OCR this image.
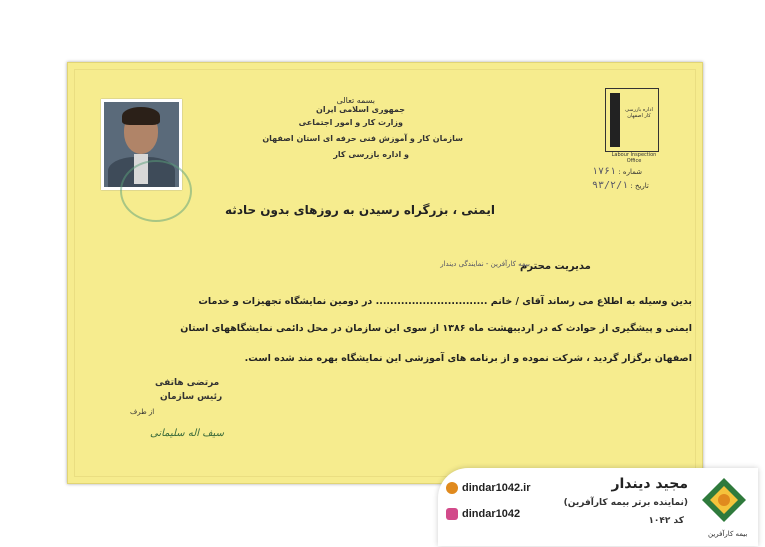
بسمه تعالی
جمهوری اسلامی ایران
وزارت کار و امور اجتماعی
سازمان کار و آموزش فنی حرفه ای استان اصفهان
و اداره بازرسی کار
اداره بازرسی کار اصفهان
Labour Inspection Office
شماره : ۱۷۶۱
تاریخ : ۹۳/۲/۱
ایمنی ، بزرگراه رسیدن به روزهای بدون حادثه
مدیریت محترم
بیمه کارآفرین - نمایندگی دیندار
بدین وسیله به اطلاع می رساند آقای / خانم ............................... در دومین نمایشگاه تجهیزات و خدمات
ایمنی و پیشگیری از حوادث که در اردیبهشت ماه ۱۳۸۶ از سوی این سازمان در محل دائمی نمایشگاههای استان
اصفهان برگزار گردید ، شرکت نموده و از برنامه های آموزشی این نمایشگاه بهره مند شده است.
مرتضی هاتفی
رئیس سازمان
از طرف
سیف اله سلیمانی
بیمه کارآفرین
مجید دیندار
(نماینده برتر بیمه کارآفرین)
کد ۱۰۴۲
dindar1042.ir
dindar1042
